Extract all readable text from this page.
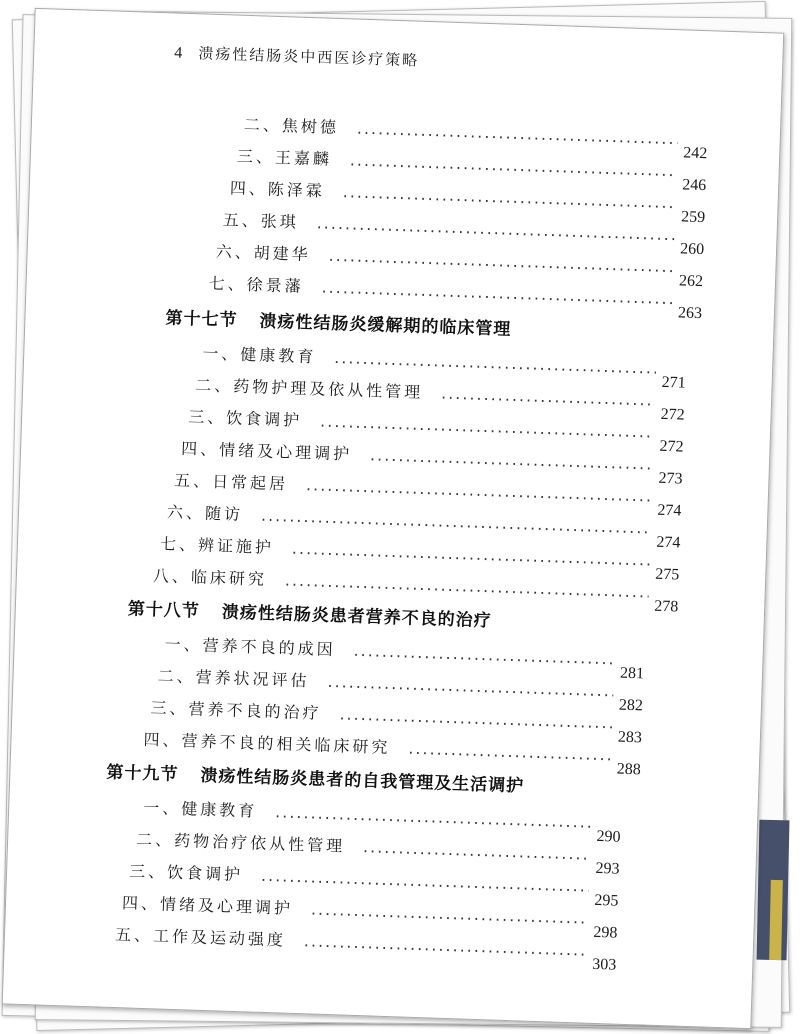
4 溃疡性结肠炎中西医诊疗策略
二、焦树德
.....
三、王嘉麟
.....
四、陈泽霖
.....
五、张琪
.....
六、胡建华
.....
七、徐景藩
.....
242
246
259
260
262
263
第十七节 溃疡性结肠炎缓解期的临床管理
一、健康教育
.....
二、药物护理及依从性管理
.....
三、饮食调护
.....
四、情绪及心理调护
.....
五、日常起居
.....
六、随访
.....
七、辨证施护
.....
八、临床研究
.....
271
272
272
273
274
274
275
278
第十八节 溃疡性结肠炎患者营养不良的治疗
一、营养不良的成因
.....
二、营养状况评估
.....
三、营养不良的治疗
.....
四、营养不良的相关临床研究
.....
281
282
283
288
第十九节 溃疡性结肠炎患者的自我管理及生活调护
一、健康教育
.....
二、药物治疗依从性管理
.....
三、饮食调护
.....
四、情绪及心理调护
.....
五、工作及运动强度
.....
290
293
295
298
303
